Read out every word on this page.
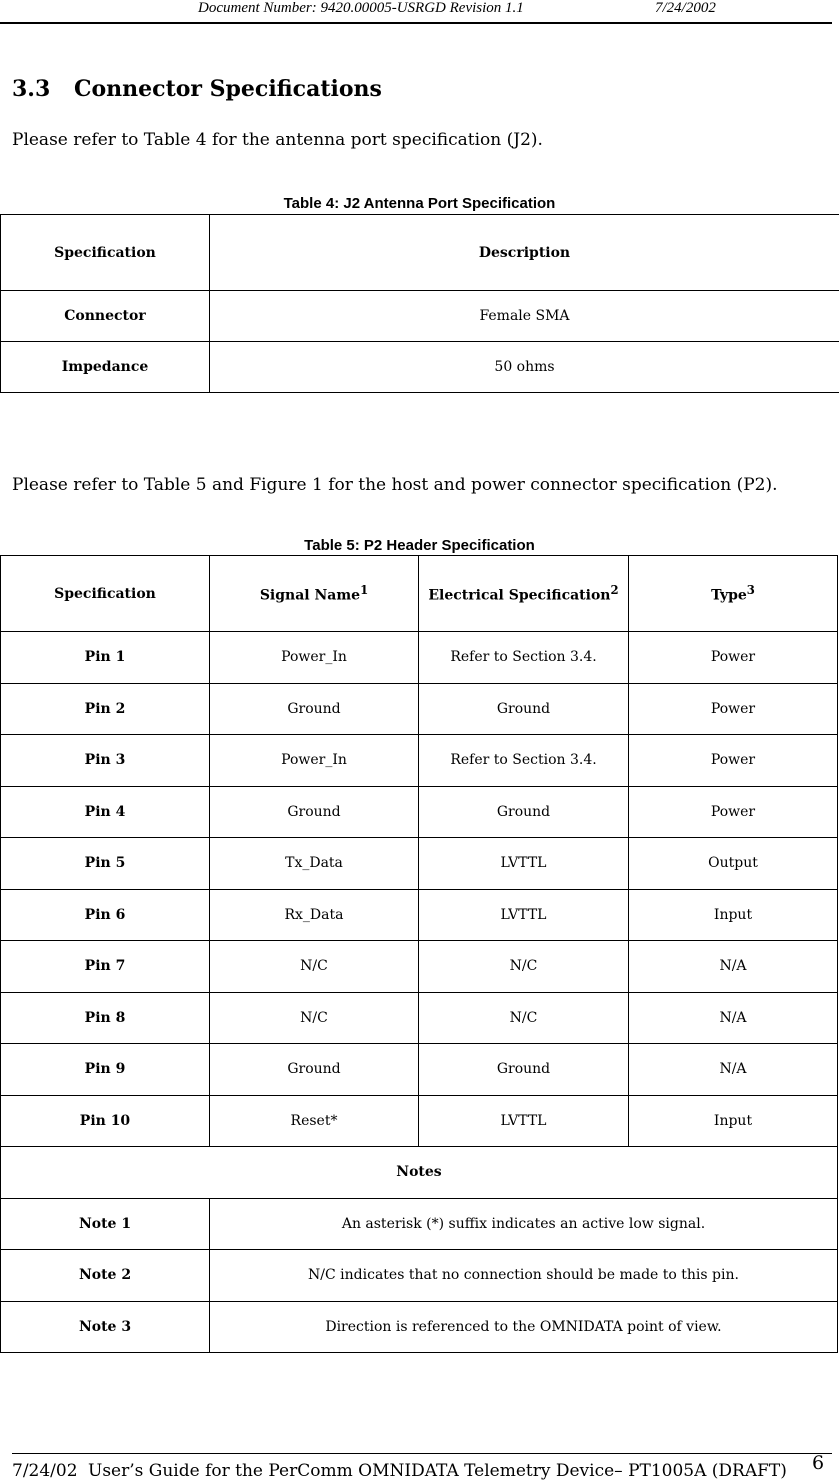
Document Number: 9420.00005-USRGD Revision 1.1	7/24/2002
3.3 Connector Specifications

Please refer to Table 4 for the antenna port specification (J2).

Table 4: J2 Antenna Port Specification

Specification	Description
Connector	Female SMA
Impedance	50 ohms

Please refer to Table 5 and Figure 1 for the host and power connector specification (P2).

Table 5: P2 Header Specification

Specification	Signal Name$^1$	Electrical Specification$^2$	Type$^3$
Pin 1	Power_In	Refer to Section 3.4.	Power
Pin 2	Ground	Ground	Power
Pin 3	Power_In	Refer to Section 3.4.	Power
Pin 4	Ground	Ground	Power
Pin 5	Tx_Data	LVTTL	Output
Pin 6	Rx_Data	LVTTL	Input
Pin 7	N/C	N/C	N/A
Pin 8	N/C	N/C	N/A
Pin 9	Ground	Ground	N/A
Pin 10	Reset*	LVTTL	Input
Notes			
Note 1	An asterisk (*) suffix indicates an active low signal.		
Note 2	N/C indicates that no connection should be made to this pin.		
Note 3	Direction is referenced to the OMNIDATA point of view.		
7/24/02 User’s Guide for the PerComm OMNIDATA Telemetry Device– PT1005A (DRAFT) 6
